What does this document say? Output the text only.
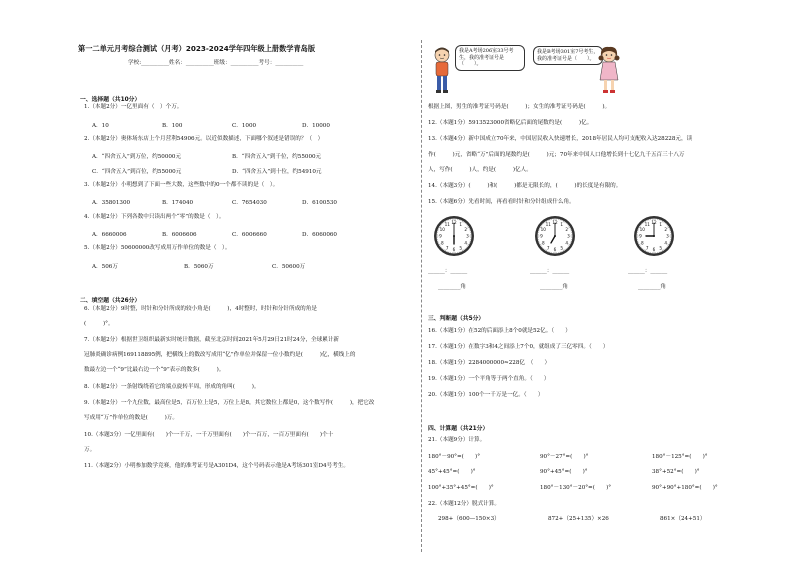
第一二单元月考综合测试（月考）2023-2024学年四年级上册数学青岛版
学校:__________姓名：__________班级：__________考号：__________
一、选择题（共10分）
1.（本题2分）一亿里面有（　）个万。
A．10	B．100	C．1000	D．10000
2.（本题2分）奥体场东店上个月营利54906元。以近似数描述，下面哪个叙述是错误的？（　）
A．“四舍五入”到万位，约50000元	B．“四舍五入”到千位，约55000元
C．“四舍五入”到百位，约55000元	D．“四舍五入”到十位，约54910元
3.（本题2分）小明想到了下面一些大数，这些数中的0一个都不读的是（　）。
A．35801300	B．174040	C．7654030	D．6100530
4.（本题2分）下列各数中只读出两个“零”的数是（　）。
A．6660006	B．6006606	C．6006660	D．6060060
5.（本题2分）50600000改写成用万作单位的数是（　）。
A．506万	B．5060万	C．50600万
二、填空题（共26分）
6.（本题2分）9时整，时针和分针所成的较小角是(　　　)，4时整时，时针和分针所成的角是
(　　　)°。
7.（本题2分）根据世卫组织最新实时统计数据，截至北京时间2021年5月29日21时24分，全球累计新
冠肺炎确诊病例169118895例，把横线上的数改写成用“亿”作单位并保留一位小数约是(　　　)亿，横线上的
数最左边一个“9”比最右边一个“9”表示的数多(　　　)。
8.（本题2分）一条射线绕着它的端点旋转半周，形成的角叫(　　　)。
9.（本题2分）一个九位数，最高位是5，百万位上是5，万位上是8，其它数位上都是0，这个数写作(　　　)，把它改
写成用“万”作单位的数是(　　　)万。
10.（本题3分）一亿里面有(　　)个一千万，一千万里面有(　　)个一百万，一百万里面有(　　)个十
万。
11.（本题2分）小明参加数学竞赛，他的准考证号是A301D4，这个号码表示他是A考场301室D4号考生。
我是A考场206室33号考生，我的准考证号是（　　）。
我是B考场301室7号考生，我的准考证号是（　　）。
根据上图，男生的准考证号码是(　　　)；女生的准考证号码是(　　　)。
12.（本题1分）5913523000省略亿后面的尾数约是(　　　)亿。
13.（本题4分）新中国成立70年来，中国居民收入快速增长，2018年居民人均可支配收入达28228元，读
作(　　　)元，省略“万”后面的尾数约是(　　　)元；70年来中国人口他增长到十七亿九千五百三十八万
人，写作(　　　)人，约是(　　　)亿人。
14.（本题3分）(　　　)和(　　　)都是无限长的，(　　　)的长度是有限的。
15.（本题6分）先看时间，再看看时针和分针组成什么角。
1
2
3
4
5
6
7
8
9
10
11 12	1
2
3
4
5
6
7
8
9
10
11 12	1
2
3
4
5
6
7
8
9
10
11 12
______：______	______：______	______：______
________角	________角	________角
三、判断题（共5分）
16.（本题1分）在52的后面添上8个0就是52亿。（　　）
17.（本题1分）在数字3和4之间添上7个0，就组成了三亿零四。（　　）
18.（本题1分）2284000000≈228亿　（　　）
19.（本题1分）一个平角等于两个直角。（　　）
20.（本题1分）100个一千万是一亿。（　　）
四、计算题（共21分）
21.（本题9分）计算。
180°－90°=(　　)°	90°－27°=(　　)°	180°－125°=(　　)°
45°+45°=(　　)°	90°+45°=(　　)°	38°+52°=(　　)°
100°+35°+45°=(　　)°	180°－130°－20°=(　　)°	90°+90°+180°=(　　)°
22.（本题12分）脱式计算。
298+（600—150×3）	872+（25+135）×26	861×（24+51）
